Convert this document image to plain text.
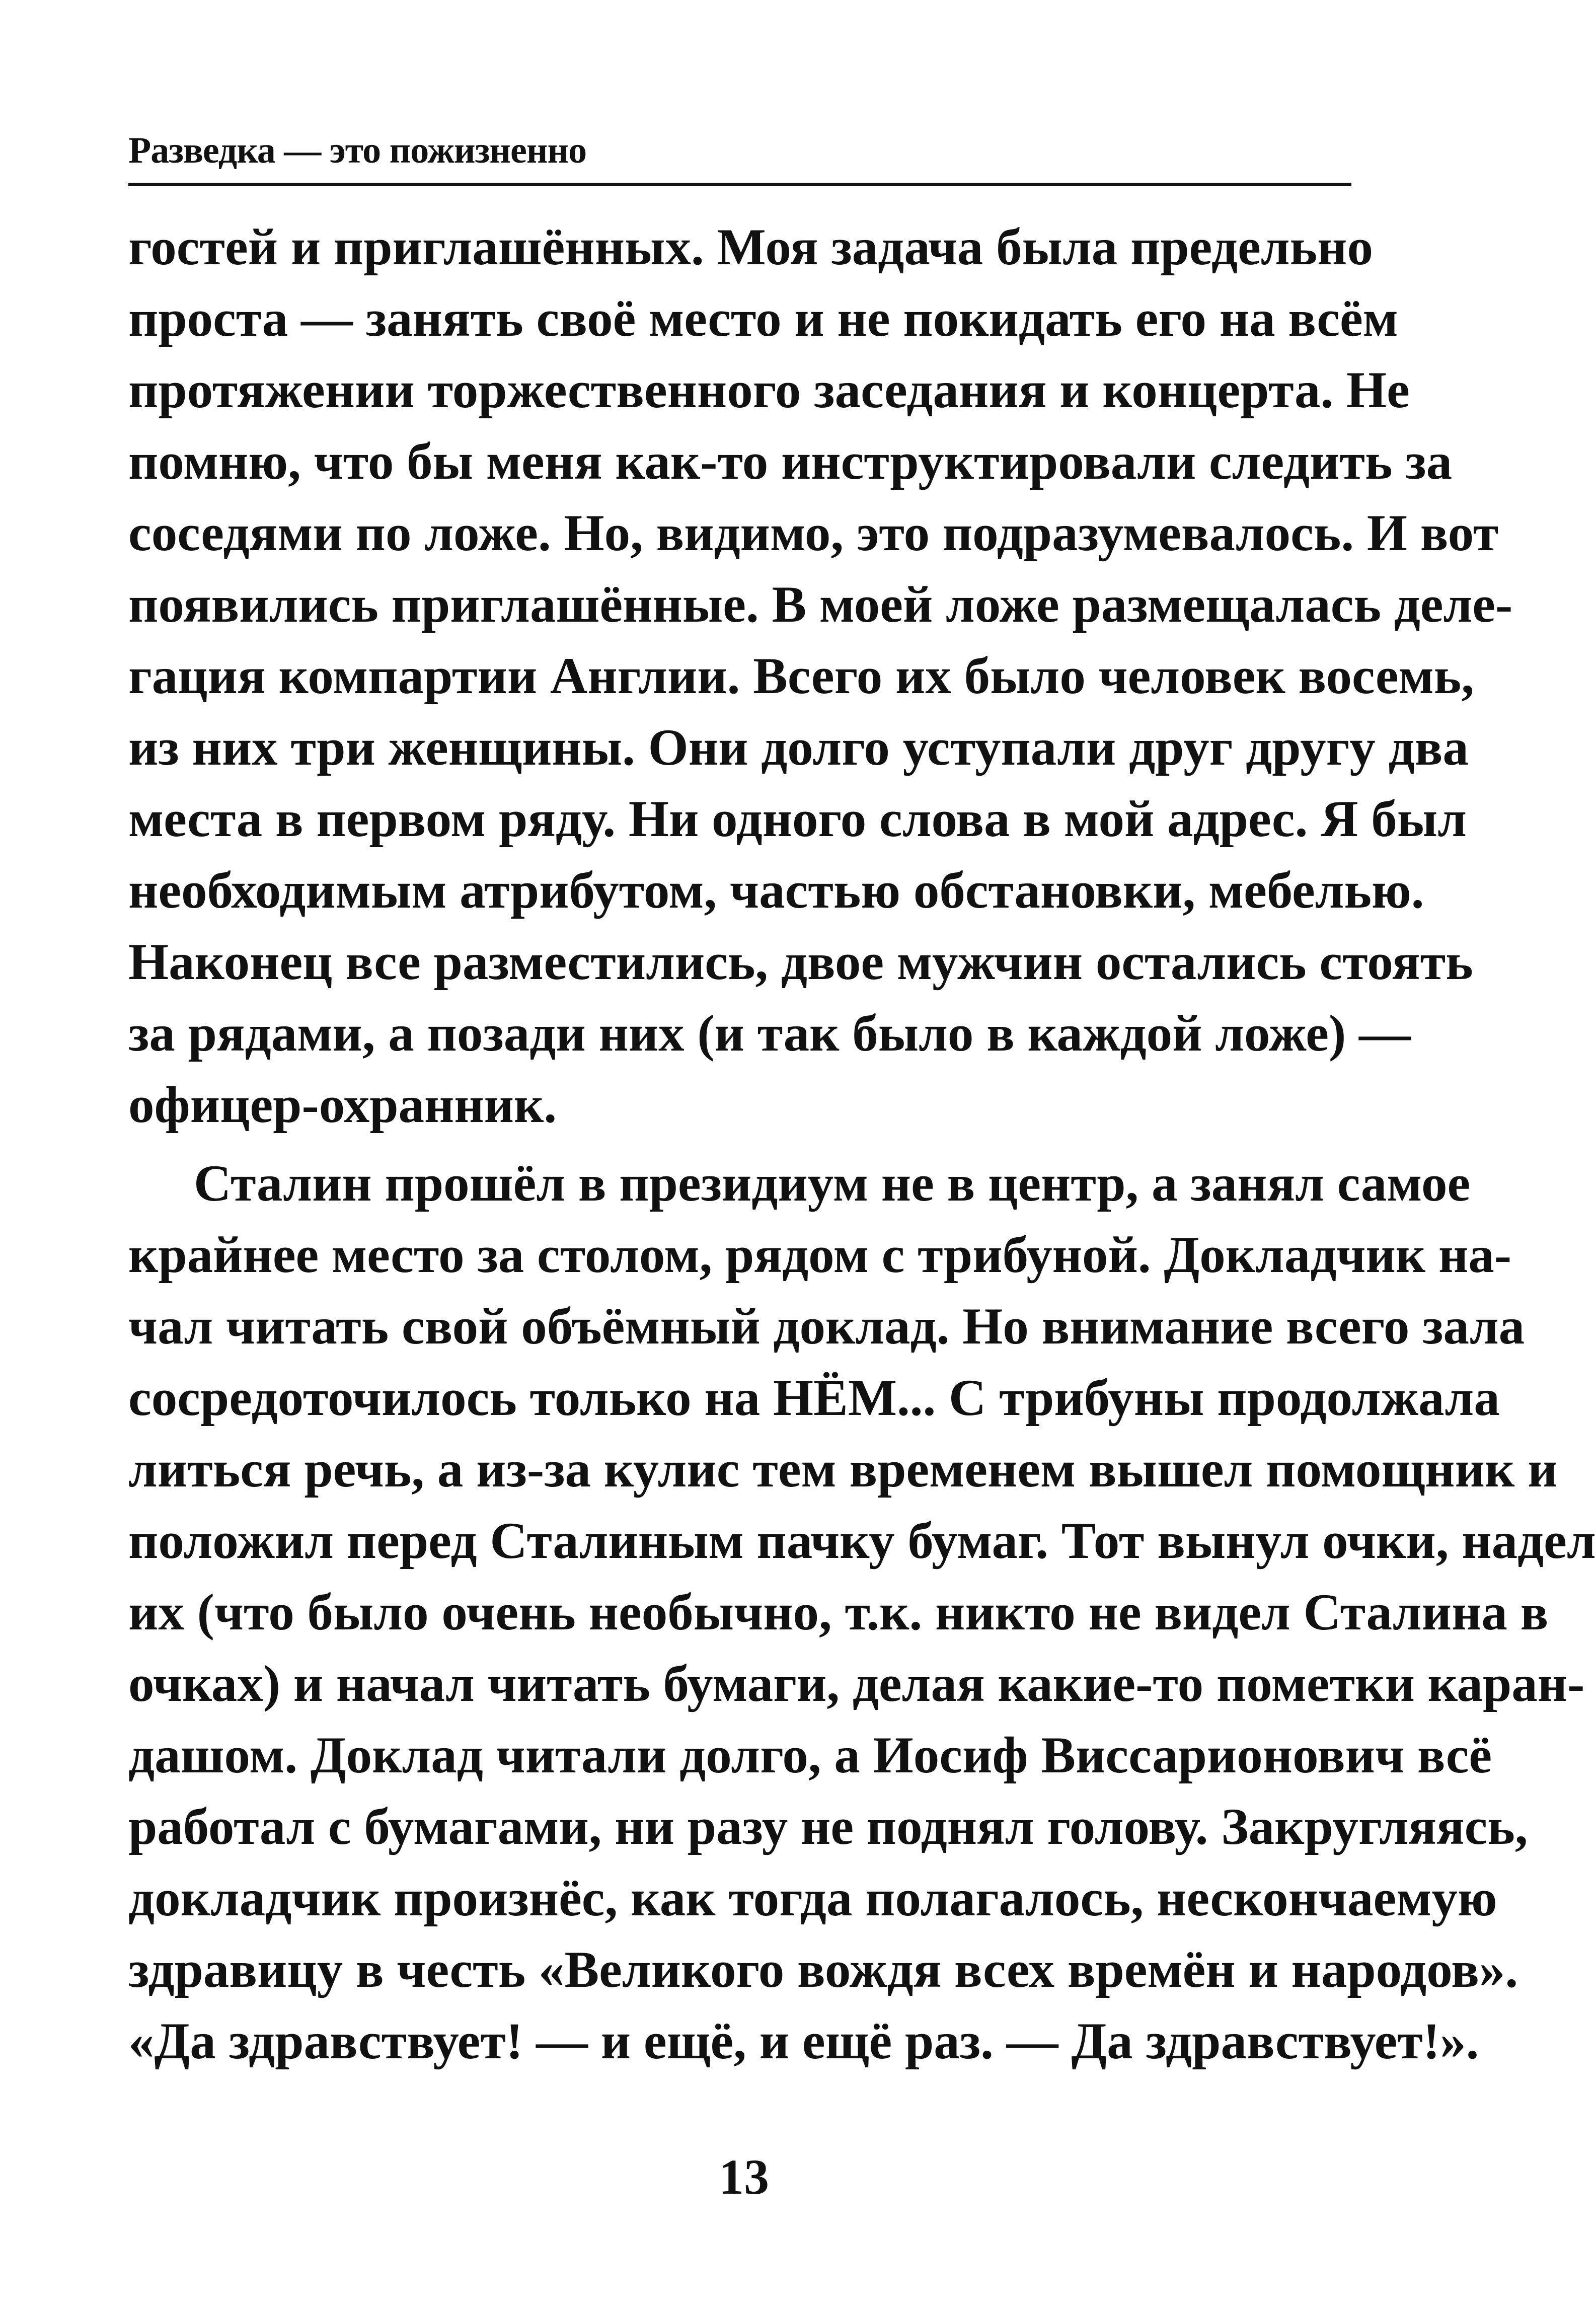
Разведка — это пожизненно
гостей и приглашённых. Моя задача была предельно
проста — занять своё место и не покидать его на всём
протяжении торжественного заседания и концерта. Не
помню, что бы меня как-то инструктировали следить за
соседями по ложе. Но, видимо, это подразумевалось. И вот
появились приглашённые. В моей ложе размещалась деле-
гация компартии Англии. Всего их было человек восемь,
из них три женщины. Они долго уступали друг другу два
места в первом ряду. Ни одного слова в мой адрес. Я был
необходимым атрибутом, частью обстановки, мебелью.
Наконец все разместились, двое мужчин остались стоять
за рядами, а позади них (и так было в каждой ложе) —
офицер-охранник.
Сталин прошёл в президиум не в центр, а занял самое
крайнее место за столом, рядом с трибуной. Докладчик на-
чал читать свой объёмный доклад. Но внимание всего зала
сосредоточилось только на НЁМ... С трибуны продолжала
литься речь, а из-за кулис тем временем вышел помощник и
положил перед Сталиным пачку бумаг. Тот вынул очки, надел
их (что было очень необычно, т.к. никто не видел Сталина в
очках) и начал читать бумаги, делая какие-то пометки каран-
дашом. Доклад читали долго, а Иосиф Виссарионович всё
работал с бумагами, ни разу не поднял голову. Закругляясь,
докладчик произнёс, как тогда полагалось, нескончаемую
здравицу в честь «Великого вождя всех времён и народов».
«Да здравствует! — и ещё, и ещё раз. — Да здравствует!».
13
